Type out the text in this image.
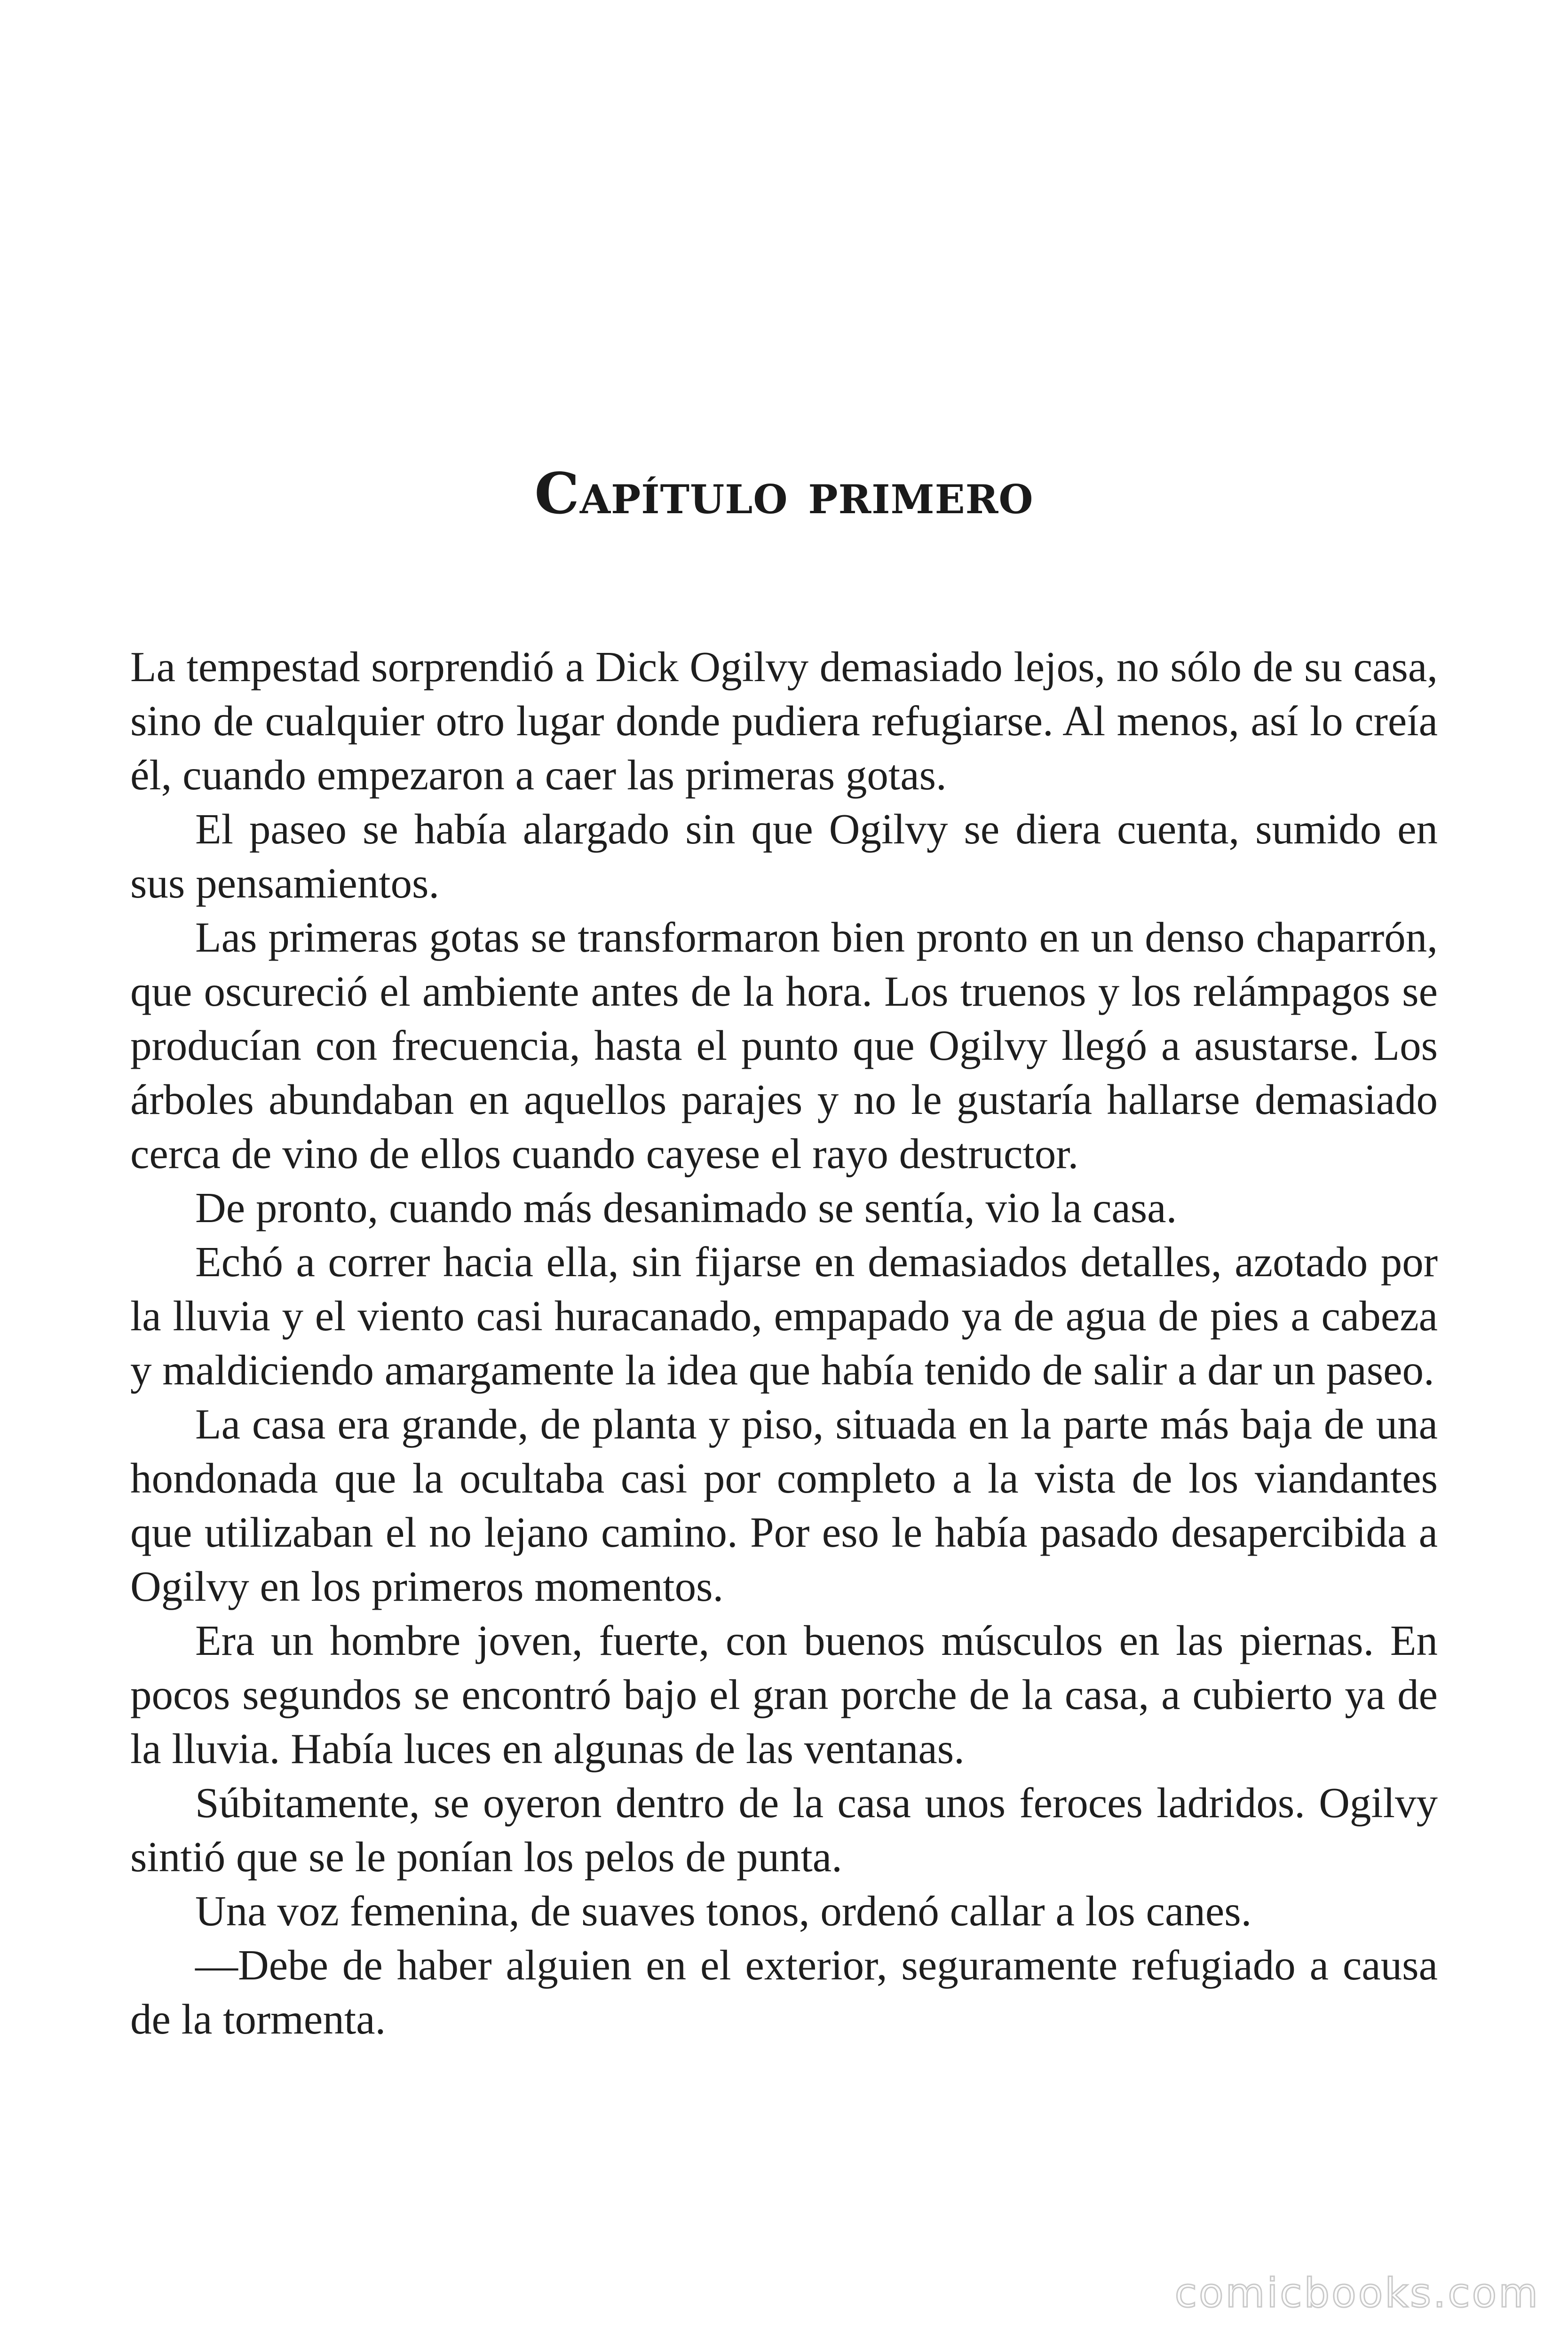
Capítulo primero

La tempestad sorprendió a Dick Ogilvy demasiado lejos, no sólo de su casa, sino de cualquier otro lugar donde pudiera refugiarse. Al menos, así lo creía él, cuando empezaron a caer las primeras gotas.

El paseo se había alargado sin que Ogilvy se diera cuenta, sumido en sus pensamientos.

Las primeras gotas se transformaron bien pronto en un denso chaparrón, que oscureció el ambiente antes de la hora. Los truenos y los relámpagos se producían con frecuencia, hasta el punto que Ogilvy llegó a asustarse. Los árboles abundaban en aquellos parajes y no le gustaría hallarse demasiado cerca de vino de ellos cuando cayese el rayo destructor.

De pronto, cuando más desanimado se sentía, vio la casa.

Echó a correr hacia ella, sin fijarse en demasiados detalles, azotado por la lluvia y el viento casi huracanado, empapado ya de agua de pies a cabeza y maldiciendo amargamente la idea que había tenido de salir a dar un paseo.

La casa era grande, de planta y piso, situada en la parte más baja de una hondonada que la ocultaba casi por completo a la vista de los viandantes que utilizaban el no lejano camino. Por eso le había pasado desapercibida a Ogilvy en los primeros momentos.

Era un hombre joven, fuerte, con buenos músculos en las piernas. En pocos segundos se encontró bajo el gran porche de la casa, a cubierto ya de la lluvia. Había luces en algunas de las ventanas.

Súbitamente, se oyeron dentro de la casa unos feroces ladridos. Ogilvy sintió que se le ponían los pelos de punta.

Una voz femenina, de suaves tonos, ordenó callar a los canes.

—Debe de haber alguien en el exterior, seguramente refugiado a causa de la tormenta.

comicbooks.com
